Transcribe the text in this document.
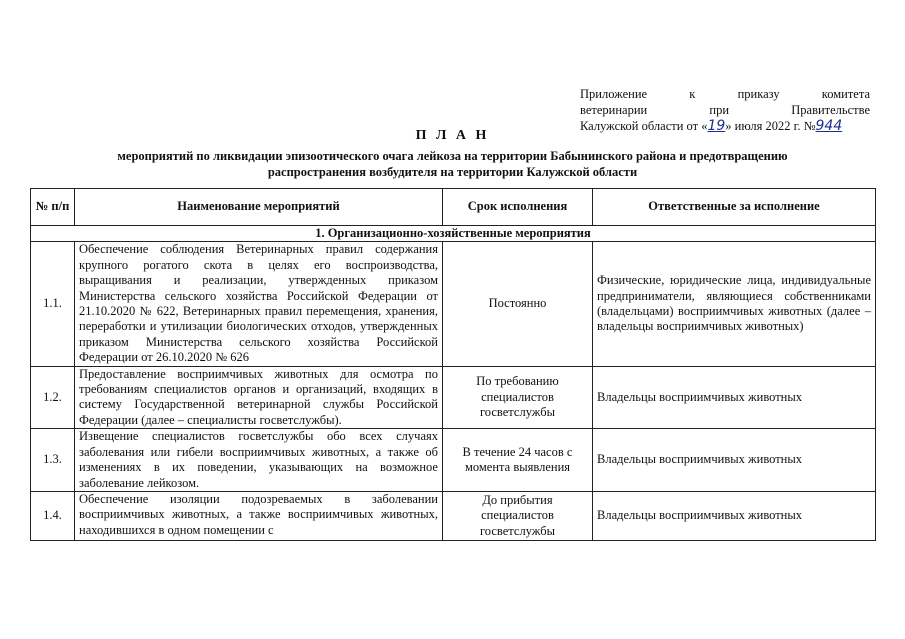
Приложение к приказу комитета
ветеринарии при Правительстве
Калужской области от «19» июля 2022 г. №944
П Л А Н
мероприятий по ликвидации эпизоотического очага лейкоза на территории Бабынинского района и предотвращению
распространения возбудителя на территории Калужской области
№ п/п	Наименование мероприятий	Срок исполнения	Ответственные за исполнение
1. Организационно-хозяйственные мероприятия			
1.1.	Обеспечение соблюдения Ветеринарных правил содержания крупного рогатого скота в целях его воспроизводства, выращивания и реализации, утвержденных приказом Министерства сельского хозяйства Российской Федерации от 21.10.2020 № 622, Ветеринарных правил перемещения, хранения, переработки и утилизации биологических отходов, утвержденных приказом Министерства сельского хозяйства Российской Федерации от 26.10.2020 № 626	Постоянно	Физические, юридические лица, индивидуальные предприниматели, являющиеся собственниками (владельцами) восприимчивых животных (далее – владельцы восприимчивых животных)
1.2.	Предоставление восприимчивых животных для осмотра по требованиям специалистов органов и организаций, входящих в систему Государственной ветеринарной службы Российской Федерации (далее – специалисты госветслужбы).	По требованию специалистов госветслужбы	Владельцы восприимчивых животных
1.3.	Извещение специалистов госветслужбы обо всех случаях заболевания или гибели восприимчивых животных, а также об изменениях в их поведении, указывающих на возможное заболевание лейкозом.	В течение 24 часов с момента выявления	Владельцы восприимчивых животных
1.4.	Обеспечение изоляции подозреваемых в заболевании восприимчивых животных, а также восприимчивых животных, находившихся в одном помещении с	До прибытия специалистов госветслужбы	Владельцы восприимчивых животных
